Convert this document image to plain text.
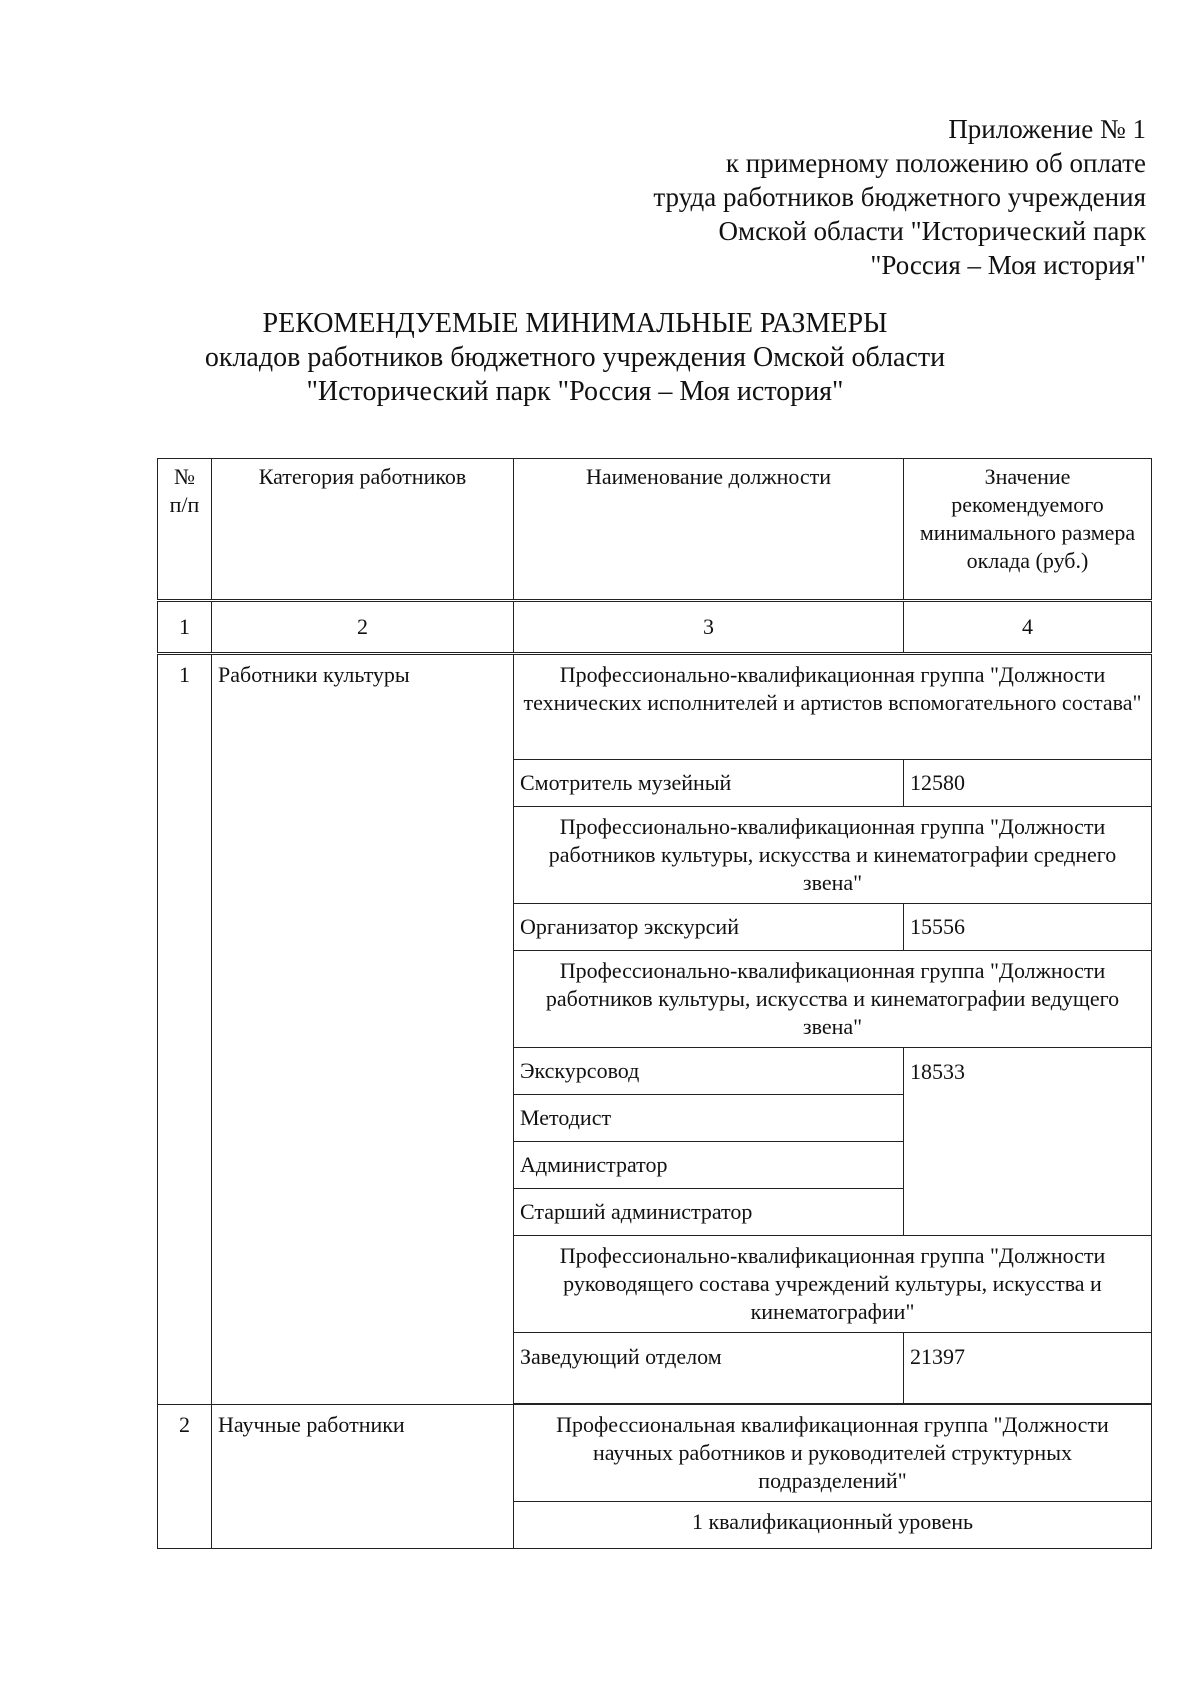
Приложение № 1
к примерному положению об оплате
труда работников бюджетного учреждения
Омской области "Исторический парк
"Россия – Моя история"
РЕКОМЕНДУЕМЫЕ МИНИМАЛЬНЫЕ РАЗМЕРЫ
окладов работников бюджетного учреждения Омской области
"Исторический парк "Россия – Моя история"
№ п/п	Категория работников	Наименование должности	Значение рекомендуемого минимального размера оклада (руб.)
1	2	3	4
1	Работники культуры	Профессионально-квалификационная группа "Должности технических исполнителей и артистов вспомогательного состава"	
		Смотритель музейный	12580
		Профессионально-квалификационная группа "Должности работников культуры, искусства и кинематографии среднего звена"	
		Организатор экскурсий	15556
		Профессионально-квалификационная группа "Должности работников культуры, искусства и кинематографии ведущего звена"	
		Экскурсовод	18533
		Методист	
		Администратор	
		Старший администратор	
		Профессионально-квалификационная группа "Должности руководящего состава учреждений культуры, искусства и кинематографии"	
		Заведующий отделом	21397

2	Научные работники	Профессиональная квалификационная группа "Должности научных работников и руководителей структурных подразделений"	
		1 квалификационный уровень	
